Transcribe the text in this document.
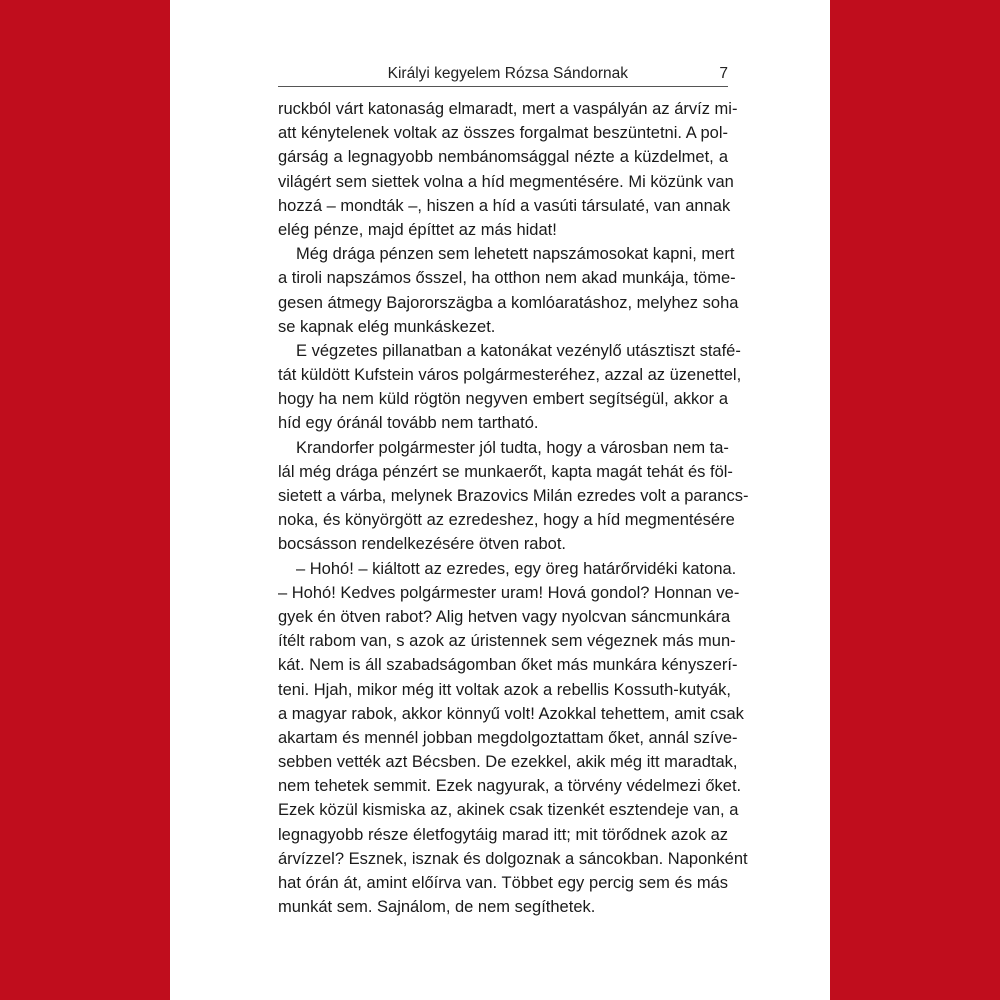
Királyi kegyelem Rózsa Sándornak	7
ruckból várt katonaság elmaradt, mert a vaspályán az árvíz mi-
att kénytelenek voltak az összes forgalmat beszüntetni. A pol-
gárság a legnagyobb nembánomsággal nézte a küzdelmet, a
világért sem siettek volna a híd megmentésére. Mi közünk van
hozzá – mondták –, hiszen a híd a vasúti társulaté, van annak
elég pénze, majd építtet az más hidat!
Még drága pénzen sem lehetett napszámosokat kapni, mert
a tiroli napszámos ősszel, ha otthon nem akad munkája, töme-
gesen átmegy Bajororszägba a komlóaratáshoz, melyhez soha
se kapnak elég munkáskezet.
E végzetes pillanatban a katonákat vezénylő utásztiszt stafé-
tát küldött Kufstein város polgármesteréhez, azzal az üzenettel,
hogy ha nem küld rögtön negyven embert segítségül, akkor a
híd egy óránál tovább nem tartható.
Krandorfer polgármester jól tudta, hogy a városban nem ta-
lál még drága pénzért se munkaerőt, kapta magát tehát és föl-
sietett a várba, melynek Brazovics Milán ezredes volt a parancs-
noka, és könyörgött az ezredeshez, hogy a híd megmentésére
bocsásson rendelkezésére ötven rabot.
– Hohó! – kiáltott az ezredes, egy öreg határőrvidéki katona.
– Hohó! Kedves polgármester uram! Hová gondol? Honnan ve-
gyek én ötven rabot? Alig hetven vagy nyolcvan sáncmunkára
ítélt rabom van, s azok az úristennek sem végeznek más mun-
kát. Nem is áll szabadságomban őket más munkára kényszerí-
teni. Hjah, mikor még itt voltak azok a rebellis Kossuth-kutyák,
a magyar rabok, akkor könnyű volt! Azokkal tehettem, amit csak
akartam és mennél jobban megdolgoztattam őket, annál szíve-
sebben vették azt Bécsben. De ezekkel, akik még itt maradtak,
nem tehetek semmit. Ezek nagyurak, a törvény védelmezi őket.
Ezek közül kismiska az, akinek csak tizenkét esztendeje van, a
legnagyobb része életfogytáig marad itt; mit törődnek azok az
árvízzel? Esznek, isznak és dolgoznak a sáncokban. Naponként
hat órán át, amint előírva van. Többet egy percig sem és más
munkát sem. Sajnálom, de nem segíthetek.
